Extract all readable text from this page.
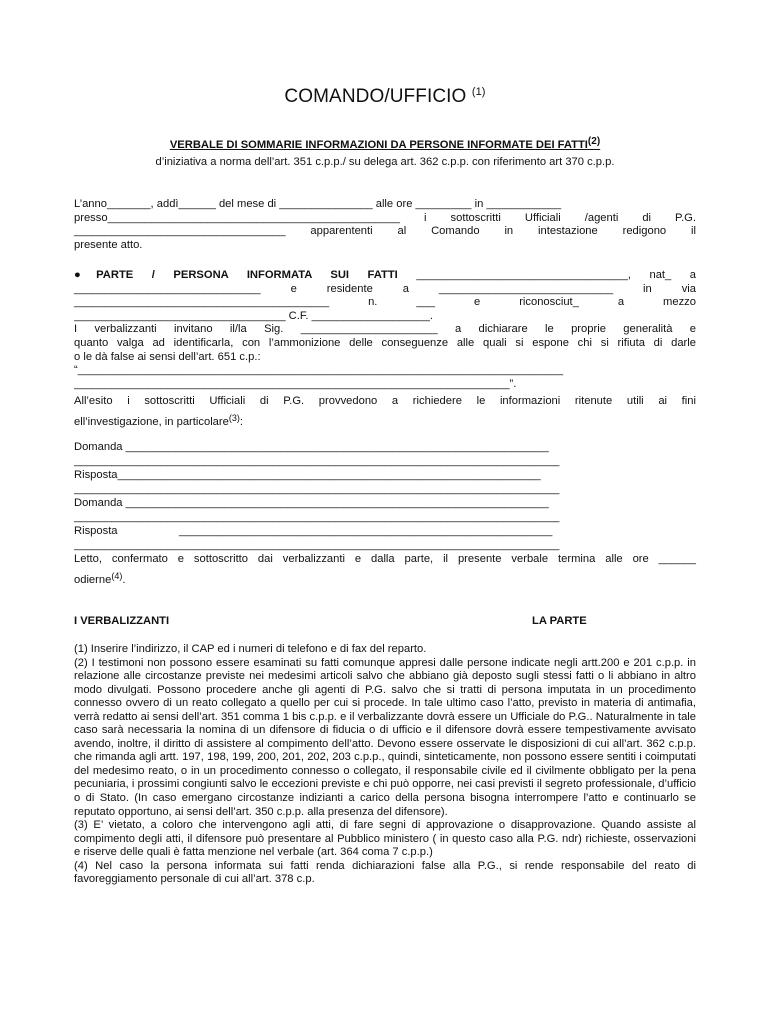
COMANDO/UFFICIO $^{(1)}$
VERBALE DI SOMMARIE INFORMAZIONI DA PERSONE INFORMATE DEI FATTI$^{(2)}$
d’iniziativa a norma dell’art. 351 c.p.p./ su delega art. 362 c.p.p. con riferimento art 370 c.p.p.
L’anno_______, addì______ del mese di _______________ alle ore _________ in ____________
presso_______________________________________________ i sottoscritti Ufficiali /agenti di P.G.
__________________________________ apparententi al Comando in intestazione redigono il
presente atto.
●PARTE / PERSONA INFORMATA SUI FATTI __________________________________, nat_ a
______________________________ e residente a ____________________________ in via
_________________________________________ n. ___ e riconosciut_ a mezzo
__________________________________ C.F. ___________________.
I verbalizzanti invitano il/la Sig. ______________________ a dichiarare le proprie generalità e
quanto valga ad identificarla, con l’ammonizione delle conseguenze alle quali si espone chi si rifiuta di darle
o le dà false ai sensi dell’art. 651 c.p.:
“______________________________________________________________________________
______________________________________________________________________”.
All’esito i sottoscritti Ufficiali di P.G. provvedono a richiedere le informazioni ritenute utili ai fini
ell’investigazione, in particolare$^{(3)}$:
Domanda ____________________________________________________________________
______________________________________________________________________________
Risposta____________________________________________________________________
______________________________________________________________________________
Domanda ____________________________________________________________________
______________________________________________________________________________
Risposta	____________________________________________________________
______________________________________________________________________________
Letto, confermato e sottoscritto dai verbalizzanti e dalla parte, il presente verbale termina alle ore ______
odierne$^{(4)}$.
I VERBALIZZANTI	LA PARTE

(1) Inserire l’indirizzo, il CAP ed i numeri di telefono e di fax del reparto.

(2) I testimoni non possono essere esaminati su fatti comunque appresi dalle persone indicate negli artt.200 e 201 c.p.p. in relazione alle circostanze previste nei medesimi articoli salvo che abbiano già deposto sugli stessi fatti o li abbiano in altro modo divulgati. Possono procedere anche gli agenti di P.G. salvo che si tratti di persona imputata in un procedimento connesso ovvero di un reato collegato a quello per cui si procede. In tale ultimo caso l’atto, previsto in materia di antimafia, verrà redatto ai sensi dell’art. 351 comma 1 bis c.p.p. e il verbalizzante dovrà essere un Ufficiale do P.G.. Naturalmente in tale caso sarà necessaria la nomina di un difensore di fiducia o di ufficio e il difensore dovrà essere tempestivamente avvisato avendo, inoltre, il diritto di assistere al compimento dell’atto. Devono essere osservate le disposizioni di cui all’art. 362 c.p.p. che rimanda agli artt. 197, 198, 199, 200, 201, 202, 203 c.p.p., quindi, sinteticamente, non possono essere sentiti i coimputati del medesimo reato, o in un procedimento connesso o collegato, il responsabile civile ed il civilmente obbligato per la pena pecuniaria, i prossimi congiunti salvo le eccezioni previste e chi può opporre, nei casi previsti il segreto professionale, d’ufficio o di Stato. (In caso emergano circostanze indizianti a carico della persona bisogna interrompere l’atto e continuarlo se reputato opportuno, ai sensi dell’art. 350 c.p.p. alla presenza del difensore).

(3) E’ vietato, a coloro che intervengono agli atti, di fare segni di approvazione o disapprovazione. Quando assiste al compimento degli atti, il difensore può presentare al Pubblico ministero ( in questo caso alla P.G. ndr) richieste, osservazioni e riserve delle quali è fatta menzione nel verbale (art. 364 coma 7 c.p.p.)

(4) Nel caso la persona informata sui fatti renda dichiarazioni false alla P.G., si rende responsabile del reato di favoreggiamento personale di cui all’art. 378 c.p.
